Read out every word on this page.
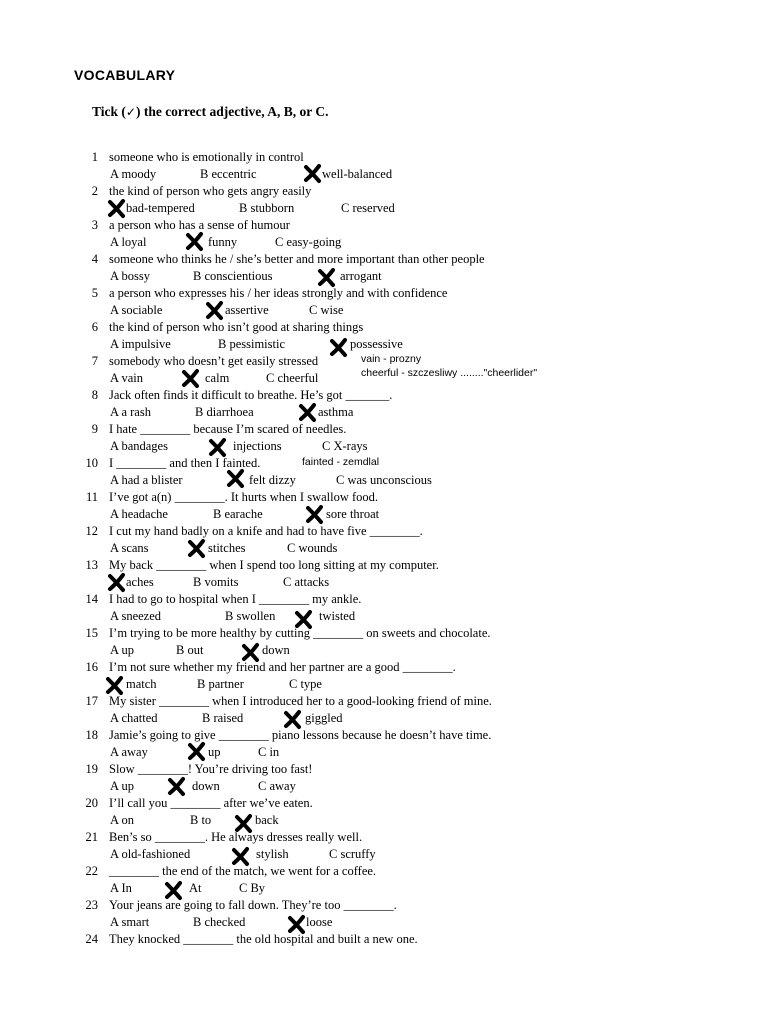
VOCABULARY
Tick (✓) the correct adjective, A, B, or C.
1 someone who is emotionally in control
A moody	B eccentric	well-balanced
2 the kind of person who gets angry easily
bad-tempered	B stubborn	C reserved
3 a person who has a sense of humour
A loyal	funny	C easy-going
4 someone who thinks he / she’s better and more important than other people
A bossy	B conscientious	arrogant
5 a person who expresses his / her ideas strongly and with confidence
A sociable	assertive	C wise
6 the kind of person who isn’t good at sharing things
A impulsive	B pessimistic	possessive
7 somebody who doesn’t get easily stressed
A vain	calm	C cheerful
8 Jack often finds it difficult to breathe. He’s got _______.
A a rash	B diarrhoea	asthma
9 I hate ________ because I’m scared of needles.
A bandages	injections	C X-rays
10 I ________ and then I fainted.
A had a blister	felt dizzy	C was unconscious
11 I’ve got a(n) ________. It hurts when I swallow food.
A headache	B earache	sore throat
12 I cut my hand badly on a knife and had to have five ________.
A scans	stitches	C wounds
13 My back ________ when I spend too long sitting at my computer.
aches	B vomits	C attacks
14 I had to go to hospital when I ________ my ankle.
A sneezed	B swollen	twisted
15 I’m trying to be more healthy by cutting ________ on sweets and chocolate.
A up	B out	down
16 I’m not sure whether my friend and her partner are a good ________.
match	B partner	C type
17 My sister ________ when I introduced her to a good-looking friend of mine.
A chatted	B raised	giggled
18 Jamie’s going to give ________ piano lessons because he doesn’t have time.
A away	up	C in
19 Slow ________! You’re driving too fast!
A up	down	C away
20 I’ll call you ________ after we’ve eaten.
A on	B to	back
21 Ben’s so ________. He always dresses really well.
A old-fashioned	stylish	C scruffy
22 ________ the end of the match, we went for a coffee.
A In	At	C By
23 Your jeans are going to fall down. They’re too ________.
A smart	B checked	loose
24 They knocked ________ the old hospital and built a new one.
vain - prozny
cheerful - szczesliwy ........"cheerlider"
fainted - zemdlal
